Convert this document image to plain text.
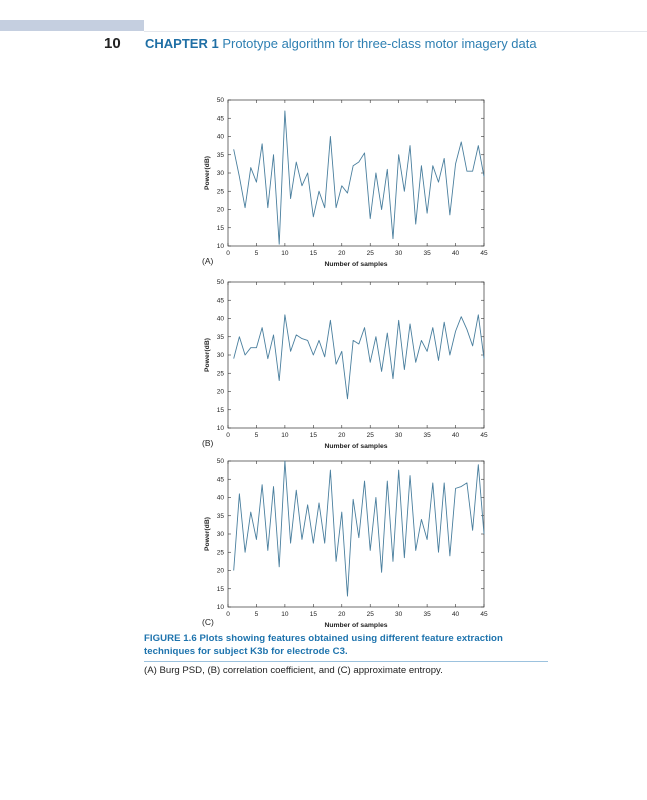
10 CHAPTER 1 Prototype algorithm for three-class motor imagery data
0	5	10	15	20	25	30	35	40	45
10
15
20
25
30
35
40
45
50
Number of samples
Power(dB)
(A)
0	5	10	15	20	25	30	35	40	45
10
15
20
25
30
35
40
45
50
Number of samples
Power(dB)
(B)
0	5	10	15	20	25	30	35	40	45
10
15
20
25
30
35
40
45
50
Number of samples
Power(dB)
(C)
FIGURE 1.6 Plots showing features obtained using different feature extraction techniques for subject K3b for electrode C3.
(A) Burg PSD, (B) correlation coefficient, and (C) approximate entropy.
